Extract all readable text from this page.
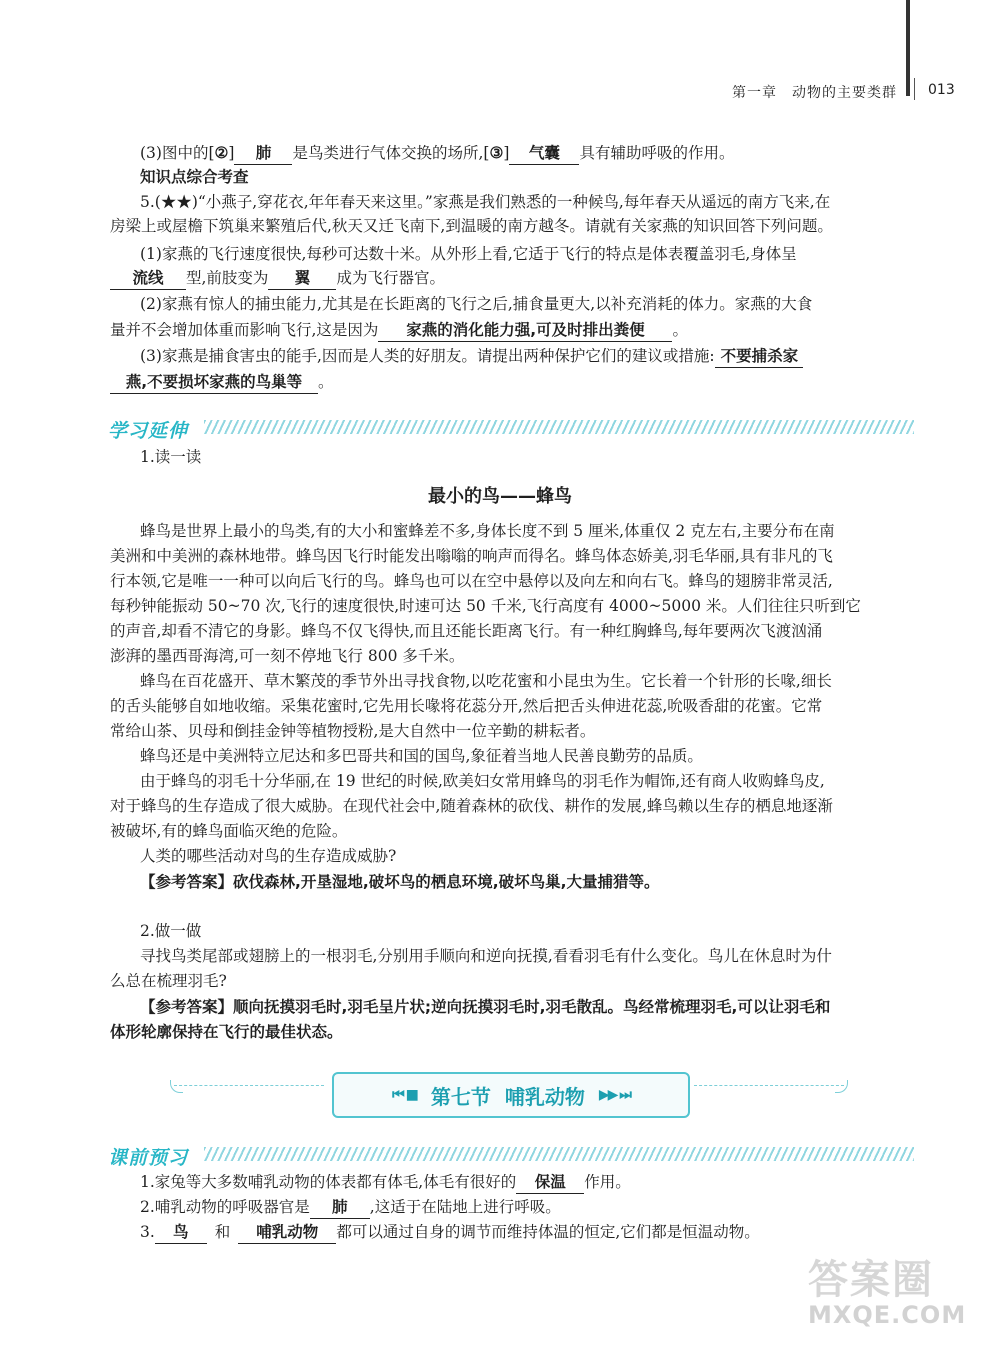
第一章　动物的主要类群 013
(3)图中的[②] 肺 是鸟类进行气体交换的场所,[③] 气囊 具有辅助呼吸的作用。
知识点综合考查
5.(★★)“小燕子,穿花衣,年年春天来这里。”家燕是我们熟悉的一种候鸟,每年春天从遥远的南方飞来,在
房梁上或屋檐下筑巢来繁殖后代,秋天又迁飞南下,到温暖的南方越冬。请就有关家燕的知识回答下列问题。
(1)家燕的飞行速度很快,每秒可达数十米。从外形上看,它适于飞行的特点是体表覆盖羽毛,身体呈
流线 型,前肢变为 翼 成为飞行器官。
(2)家燕有惊人的捕虫能力,尤其是在长距离的飞行之后,捕食量更大,以补充消耗的体力。家燕的大食
量并不会增加体重而影响飞行,这是因为 家燕的消化能力强,可及时排出粪便 。
(3)家燕是捕食害虫的能手,因而是人类的好朋友。请提出两种保护它们的建议或措施: 不要捕杀家
燕,不要损坏家燕的鸟巢等 。
学习延伸
1.读一读
最小的鸟——蜂鸟
蜂鸟是世界上最小的鸟类,有的大小和蜜蜂差不多,身体长度不到 5 厘米,体重仅 2 克左右,主要分布在南
美洲和中美洲的森林地带。蜂鸟因飞行时能发出嗡嗡的响声而得名。蜂鸟体态娇美,羽毛华丽,具有非凡的飞
行本领,它是唯一一种可以向后飞行的鸟。蜂鸟也可以在空中悬停以及向左和向右飞。蜂鸟的翅膀非常灵活,
每秒钟能振动 50~70 次,飞行的速度很快,时速可达 50 千米,飞行高度有 4000~5000 米。人们往往只听到它
的声音,却看不清它的身影。蜂鸟不仅飞得快,而且还能长距离飞行。有一种红胸蜂鸟,每年要两次飞渡汹涌
澎湃的墨西哥海湾,可一刻不停地飞行 800 多千米。
蜂鸟在百花盛开、草木繁茂的季节外出寻找食物,以吃花蜜和小昆虫为生。它长着一个针形的长喙,细长
的舌头能够自如地收缩。采集花蜜时,它先用长喙将花蕊分开,然后把舌头伸进花蕊,吮吸香甜的花蜜。它常
常给山茶、贝母和倒挂金钟等植物授粉,是大自然中一位辛勤的耕耘者。
蜂鸟还是中美洲特立尼达和多巴哥共和国的国鸟,象征着当地人民善良勤劳的品质。
由于蜂鸟的羽毛十分华丽,在 19 世纪的时候,欧美妇女常用蜂鸟的羽毛作为帽饰,还有商人收购蜂鸟皮,
对于蜂鸟的生存造成了很大威胁。在现代社会中,随着森林的砍伐、耕作的发展,蜂鸟赖以生存的栖息地逐渐
被破坏,有的蜂鸟面临灭绝的危险。
人类的哪些活动对鸟的生存造成威胁?
【参考答案】砍伐森林,开垦湿地,破坏鸟的栖息环境,破坏鸟巢,大量捕猎等。
2.做一做
寻找鸟类尾部或翅膀上的一根羽毛,分别用手顺向和逆向抚摸,看看羽毛有什么变化。鸟儿在休息时为什
么总在梳理羽毛?
【参考答案】顺向抚摸羽毛时,羽毛呈片状;逆向抚摸羽毛时,羽毛散乱。鸟经常梳理羽毛,可以让羽毛和
体形轮廓保持在飞行的最佳状态。
⏮ ■ 第七节 哺乳动物 ▶▶ ⏭
课前预习
1.家兔等大多数哺乳动物的体表都有体毛,体毛有很好的 保温 作用。
2.哺乳动物的呼吸器官是 肺 ,这适于在陆地上进行呼吸。
3. 鸟 和 哺乳动物 都可以通过自身的调节而维持体温的恒定,它们都是恒温动物。
答案圈
MXQE.COM
